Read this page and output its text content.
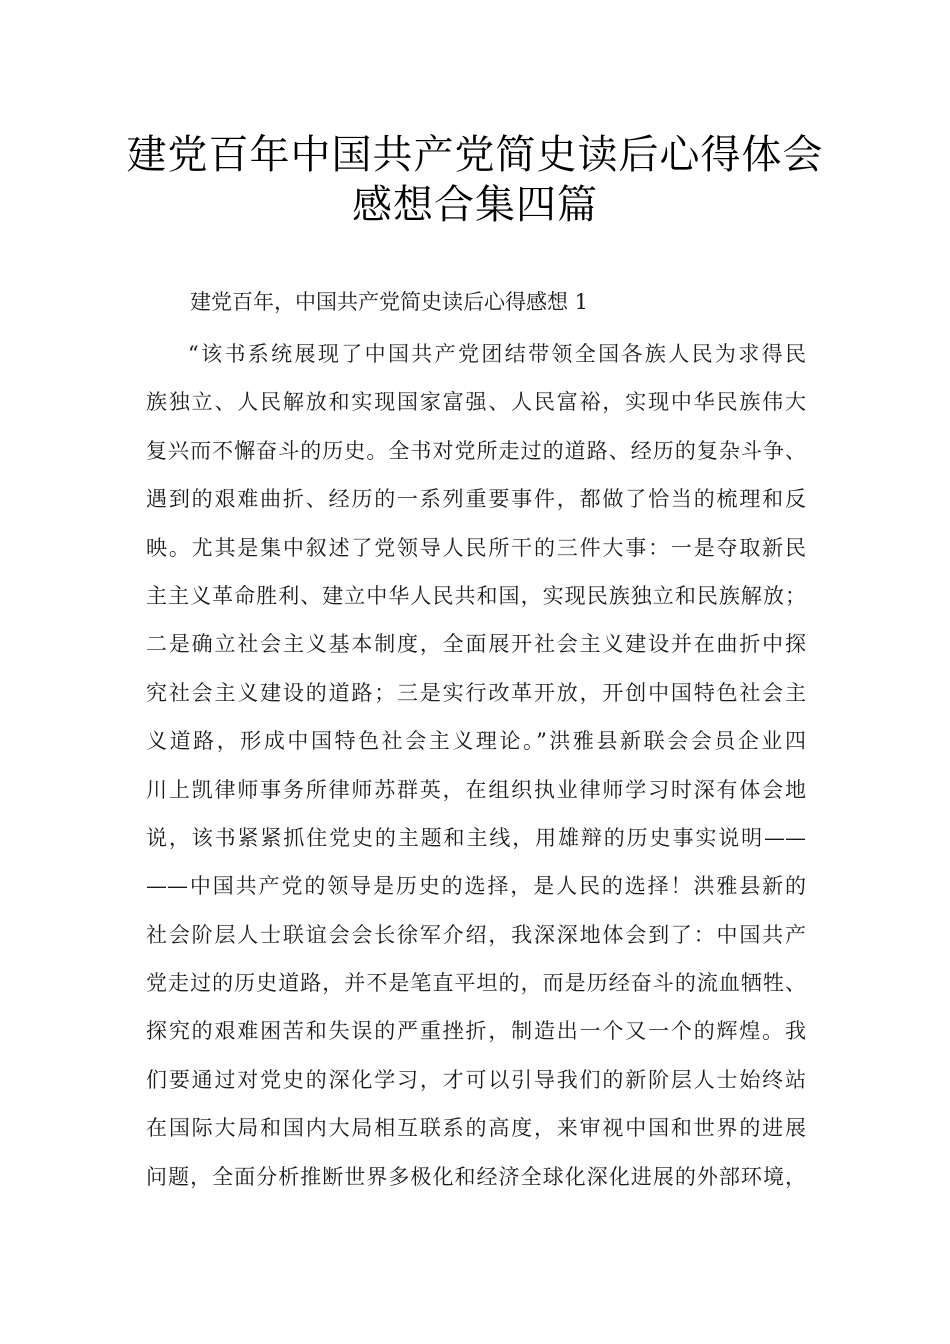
建党百年中国共产党简史读后心得体会
感想合集四篇
建党百年，中国共产党简史读后心得感想 1
“该书系统展现了中国共产党团结带领全国各族人民为求得民
族独立、人民解放和实现国家富强、人民富裕，实现中华民族伟大
复兴而不懈奋斗的历史。全书对党所走过的道路、经历的复杂斗争、
遇到的艰难曲折、经历的一系列重要事件，都做了恰当的梳理和反
映。尤其是集中叙述了党领导人民所干的三件大事：一是夺取新民
主主义革命胜利、建立中华人民共和国，实现民族独立和民族解放；
二是确立社会主义基本制度，全面展开社会主义建设并在曲折中探
究社会主义建设的道路；三是实行改革开放，开创中国特色社会主
义道路，形成中国特色社会主义理论。”洪雅县新联会会员企业四
川上凯律师事务所律师苏群英，在组织执业律师学习时深有体会地
说，该书紧紧抓住党史的主题和主线，用雄辩的历史事实说明——
——中国共产党的领导是历史的选择，是人民的选择！洪雅县新的
社会阶层人士联谊会会长徐军介绍，我深深地体会到了：中国共产
党走过的历史道路，并不是笔直平坦的，而是历经奋斗的流血牺牲、
探究的艰难困苦和失误的严重挫折，制造出一个又一个的辉煌。我
们要通过对党史的深化学习，才可以引导我们的新阶层人士始终站
在国际大局和国内大局相互联系的高度，来审视中国和世界的进展
问题，全面分析推断世界多极化和经济全球化深化进展的外部环境，
